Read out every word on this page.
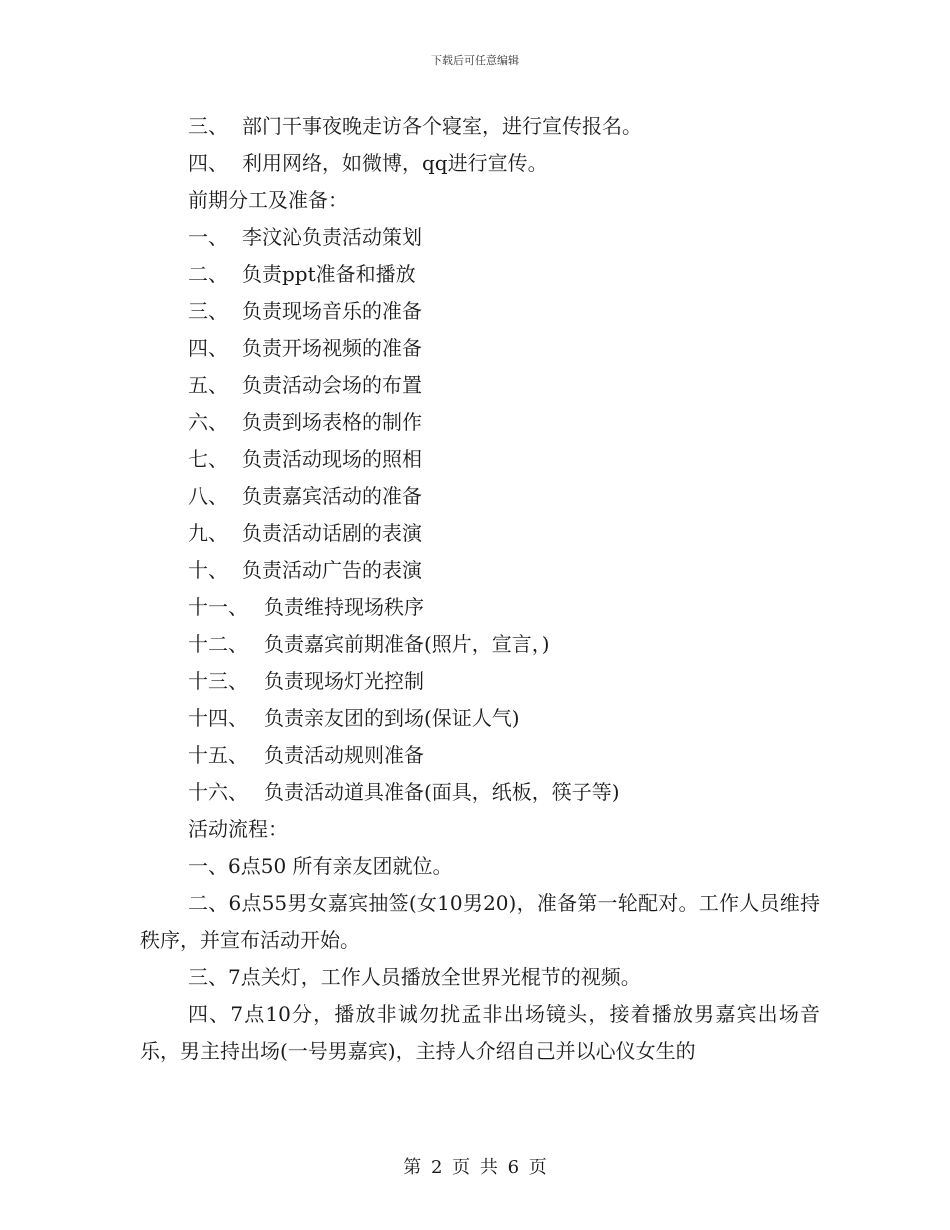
下载后可任意编辑

三、 部门干事夜晚走访各个寝室，进行宣传报名。

四、 利用网络，如微博，qq进行宣传。

前期分工及准备：

一、 李汶沁负责活动策划

二、 负责ppt准备和播放

三、 负责现场音乐的准备

四、 负责开场视频的准备

五、 负责活动会场的布置

六、 负责到场表格的制作

七、 负责活动现场的照相

八、 负责嘉宾活动的准备

九、 负责活动话剧的表演

十、 负责活动广告的表演

十一、 负责维持现场秩序

十二、 负责嘉宾前期准备(照片，宣言，)

十三、 负责现场灯光控制

十四、 负责亲友团的到场(保证人气)

十五、 负责活动规则准备

十六、 负责活动道具准备(面具，纸板，筷子等)

活动流程：

一、6点50 所有亲友团就位。

二、6点55男女嘉宾抽签(女10男20)，准备第一轮配对。工作人员维持秩序，并宣布活动开始。

三、7点关灯，工作人员播放全世界光棍节的视频。

四、7点10分，播放非诚勿扰孟非出场镜头，接着播放男嘉宾出场音乐，男主持出场(一号男嘉宾)，主持人介绍自己并以心仪女生的

第 2 页 共 6 页
